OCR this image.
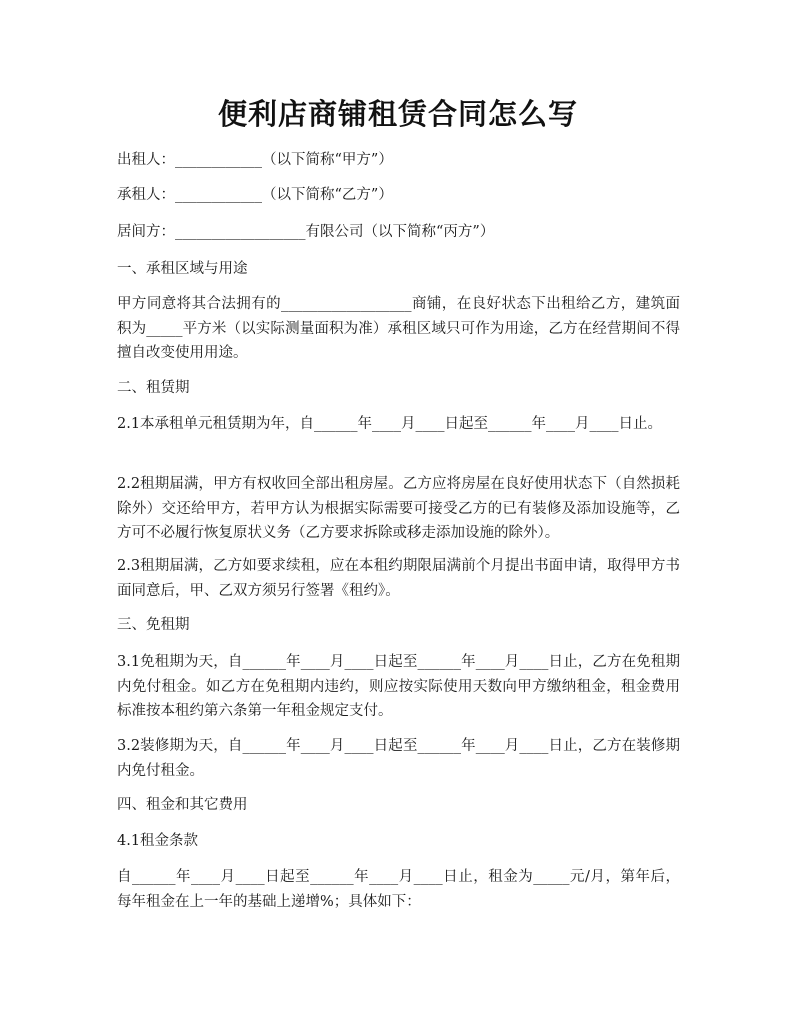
便利店商铺租赁合同怎么写
出租人：____________（以下简称“甲方”）
承租人：____________（以下简称“乙方”）
居间方：__________________有限公司（以下简称“丙方”）
一、承租区域与用途
甲方同意将其合法拥有的__________________商铺，在良好状态下出租给乙方，建筑面积为_____平方米（以实际测量面积为准）承租区域只可作为用途，乙方在经营期间不得擅自改变使用用途。
二、租赁期
2.1本承租单元租赁期为年，自______年____月____日起至______年____月____日止。
2.2租期届满，甲方有权收回全部出租房屋。乙方应将房屋在良好使用状态下（自然损耗除外）交还给甲方，若甲方认为根据实际需要可接受乙方的已有装修及添加设施等，乙方可不必履行恢复原状义务（乙方要求拆除或移走添加设施的除外）。
2.3租期届满，乙方如要求续租，应在本租约期限届满前个月提出书面申请，取得甲方书面同意后，甲、乙双方须另行签署《租约》。
三、免租期
3.1免租期为天，自______年____月____日起至______年____月____日止，乙方在免租期内免付租金。如乙方在免租期内违约，则应按实际使用天数向甲方缴纳租金，租金费用标准按本租约第六条第一年租金规定支付。
3.2装修期为天，自______年____月____日起至______年____月____日止，乙方在装修期内免付租金。
四、租金和其它费用
4.1租金条款
自______年____月____日起至______年____月____日止，租金为_____元/月，第年后，每年租金在上一年的基础上递增%；具体如下：
